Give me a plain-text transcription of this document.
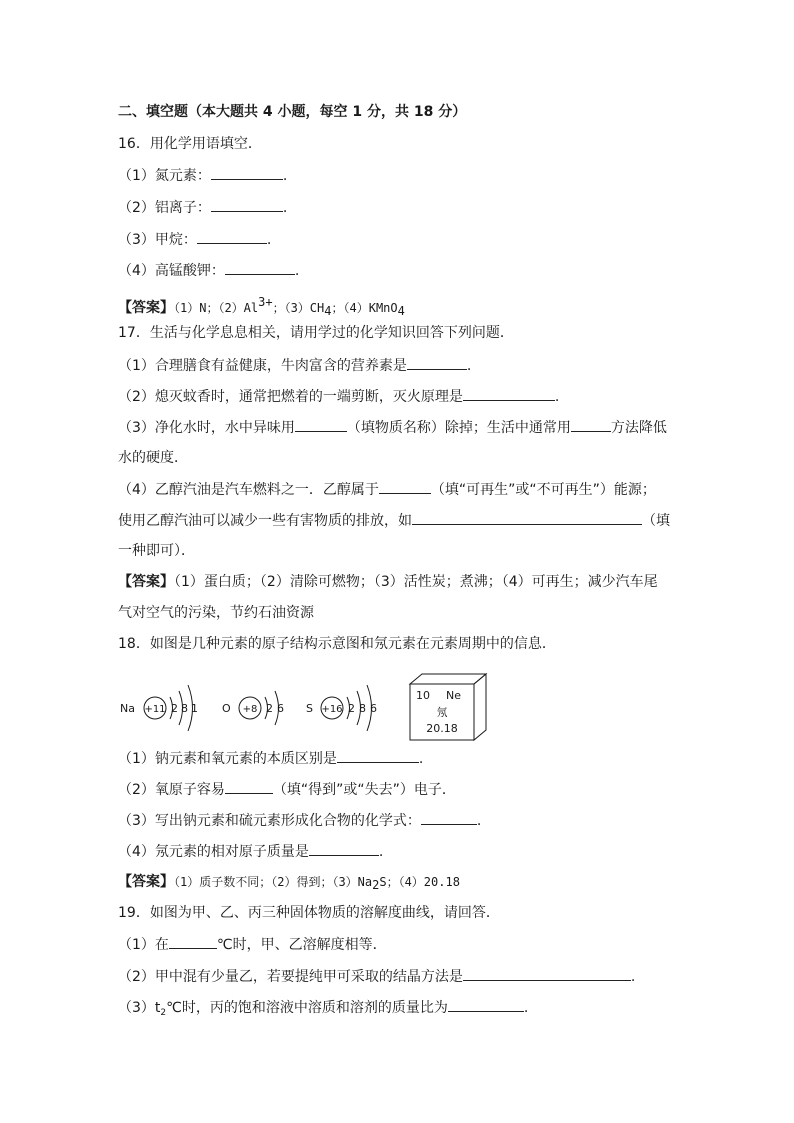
二、填空题（本大题共 4 小题，每空 1 分，共 18 分）
16．用化学用语填空．
（1）氮元素：	.
（2）铝离子：	.
（3）甲烷：	.
（4）高锰酸钾：	.
【答案】（1）N；（2）Al3+；（3）CH4；（4）KMnO4
17．生活与化学息息相关，请用学过的化学知识回答下列问题．
（1）合理膳食有益健康，牛肉富含的营养素是	.
（2）熄灭蚊香时，通常把燃着的一端剪断，灭火原理是	.
（3）净化水时，水中异味用	（填物质名称）除掉；生活中通常用	方法降低
水的硬度．
（4）乙醇汽油是汽车燃料之一．乙醇属于	（填“可再生”或“不可再生”）能源；
使用乙醇汽油可以减少一些有害物质的排放，如	（填
一种即可）．
【答案】（1）蛋白质；（2）清除可燃物；（3）活性炭；煮沸；（4）可再生；减少汽车尾
气对空气的污染，节约石油资源
18．如图是几种元素的原子结构示意图和氖元素在元素周期中的信息．
Na +11 2 8 1 O +8 2 6 S +16 2 8 6
10 Ne
氖
20.18
（1）钠元素和氧元素的本质区别是	.
（2）氧原子容易	（填“得到”或“失去”）电子．
（3）写出钠元素和硫元素形成化合物的化学式：	.
（4）氖元素的相对原子质量是	.
【答案】（1）质子数不同；（2）得到；（3）Na2S；（4）20.18
19．如图为甲、乙、丙三种固体物质的溶解度曲线，请回答．
（1）在	℃时，甲、乙溶解度相等．
（2）甲中混有少量乙，若要提纯甲可采取的结晶方法是	.
$(3)t_2℃$时，丙的饱和溶液中溶质和溶剂的质量比为	.
